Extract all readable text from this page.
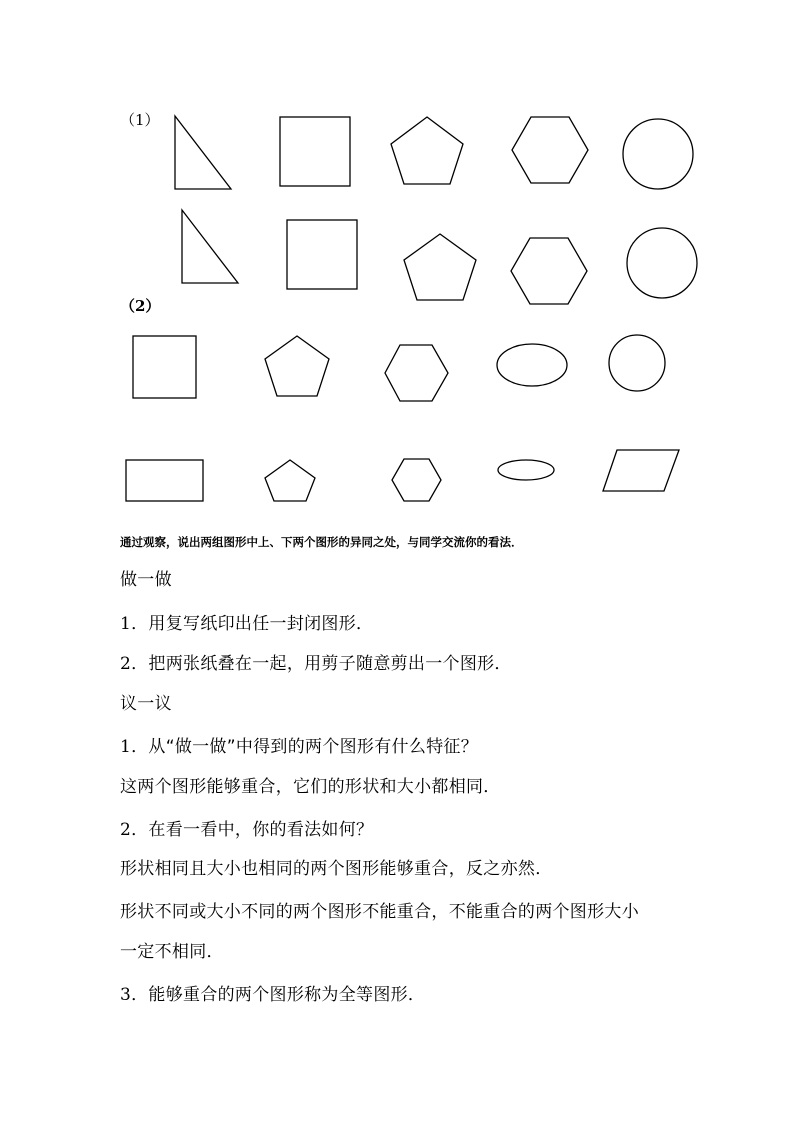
（1）
（2）
通过观察，说出两组图形中上、下两个图形的异同之处，与同学交流你的看法．
做一做
1．用复写纸印出任一封闭图形．
2．把两张纸叠在一起，用剪子随意剪出一个图形．
议一议
1．从“做一做”中得到的两个图形有什么特征？
这两个图形能够重合，它们的形状和大小都相同．
2．在看一看中，你的看法如何？
形状相同且大小也相同的两个图形能够重合，反之亦然．
形状不同或大小不同的两个图形不能重合，不能重合的两个图形大小
一定不相同．
3．能够重合的两个图形称为全等图形．
